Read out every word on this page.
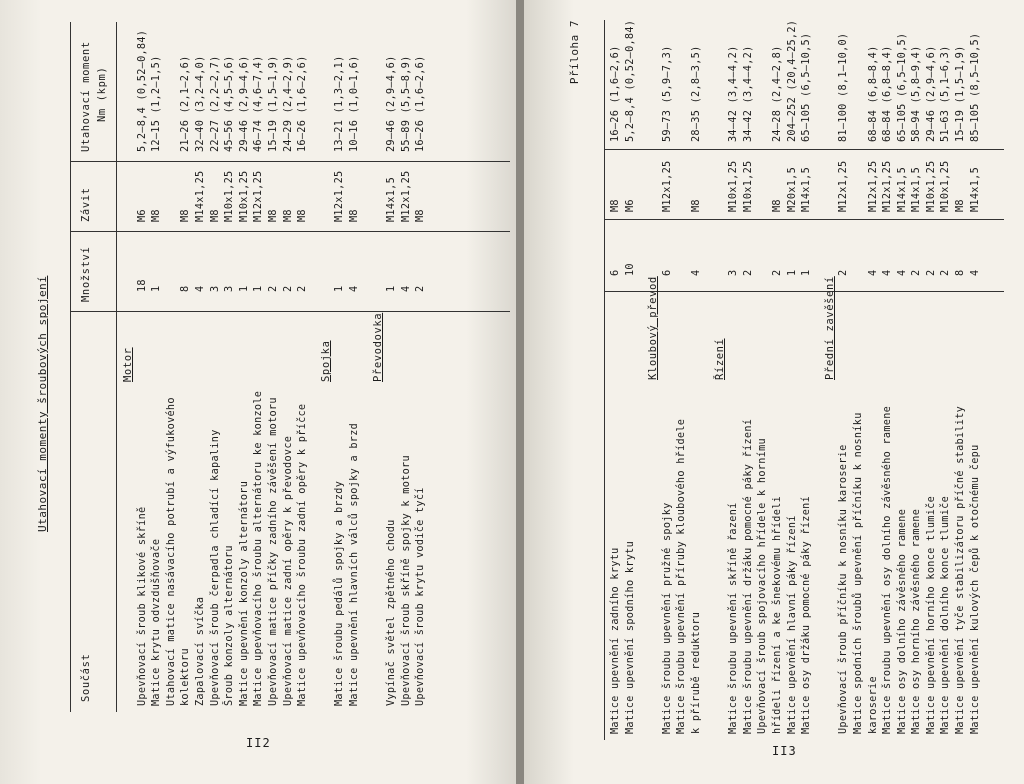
Utahovací momenty šroubových spojení
Součást
Množství
Závit
Utahovací moment Nm (kpm)
Motor
Upevňovací šroub klikové skříně
18
M6
5,2–8,4 (0,52–0,84)
Matice krytu odvzdušňovače
1
M8
12–15 (1,2–1,5)
Utahovací matice nasávacího potrubí a výfukového kolektoru
8
M8
21–26 (2,1–2,6)
Zapalovací svíčka
4
M14x1,25
32–40 (3,2–4,0)
Upevňovací šroub čerpadla chladící kapaliny
3
M8
22–27 (2,2–2,7)
Šroub konzoly alternátoru
3
M10x1,25
45–56 (4,5–5,6)
Matice upevnění konzoly alternátoru
1
M10x1,25
29–46 (2,9–4,6)
Matice upevňovacího šroubu alternátoru ke konzole
1
M12x1,25
46–74 (4,6–7,4)
Upevňovací matice příčky zadního závěšení motoru
2
M8
15–19 (1,5–1,9)
Upevňovací matice zadní opěry k převodovce
2
M8
24–29 (2,4–2,9)
Matice upevňovacího šroubu zadní opěry k příčce
2
M8
16–26 (1,6–2,6)
Spojka
Matice šroubu pedálů spojky a brzdy
1
M12x1,25
13–21 (1,3–2,1)
Matice upevnění hlavních válců spojky a brzd
4
M8
10–16 (1,0–1,6)
Převodovka
Vypínač světel zpětného chodu
1
M14x1,5
29–46 (2,9–4,6)
Upevňovací šroub skříně spojky k motoru
4
M12x1,25
55–89 (5,5–8,9)
Upevňovací šroub krytu vodiče tyčí
2
M8
16–26 (1,6–2,6)
II2
Příloha 7
Matice upevnění zadního krytu
6
M8
16–26 (1,6–2,6)
Matice upevnění spodního krytu
10
M6
5,2–8,4 (0,52–0,84)
Kloubový převod
Matice šroubu upevnění pružné spojky
6
M12x1,25
59–73 (5,9–7,3)
Matice šroubu upevnění příruby kloubového hřídele k přírubě reduktoru
4
M8
28–35 (2,8–3,5)
Řízení
Matice šroubu upevnění skříně řazení
3
M10x1,25
34–42 (3,4–4,2)
Matice šroubu upevnění držáku pomocné páky řízení
2
M10x1,25
34–42 (3,4–4,2)
Upevňovací šroub spojovacího hřídele k hornímu hřídeli řízení a ke šnekovému hřídeli
2
M8
24–28 (2,4–2,8)
Matice upevnění hlavní páky řízení
1
M20x1,5
204–252 (20,4–25,2)
Matice osy držáku pomocné páky řízení
1
M14x1,5
65–105 (6,5–10,5)
Přední zavěšení
Upevňovací šroub příčníku k nosníku karoserie
2
M12x1,25
81–100 (8,1–10,0)
Matice spodních šroubů upevnění příčníku k nosníku karoserie
4
M12x1,25
68–84 (6,8–8,4)
Matice šroubu upevnění osy dolního závěsného ramene
4
M12x1,25
68–84 (6,8–8,4)
Matice osy dolního závěsného ramene
4
M14x1,5
65–105 (6,5–10,5)
Matice osy horního závěsného ramene
2
M14x1,5
58–94 (5,8–9,4)
Matice upevnění horního konce tlumiče
2
M10x1,25
29–46 (2,9–4,6)
Matice upevnění dolního konce tlumiče
2
M10x1,25
51–63 (5,1–6,3)
Matice upevnění tyče stabilizátoru příčné stability
8
M8
15–19 (1,5–1,9)
Matice upevnění kulových čepů k otočnému čepu
4
M14x1,5
85–105 (8,5–10,5)
II3
